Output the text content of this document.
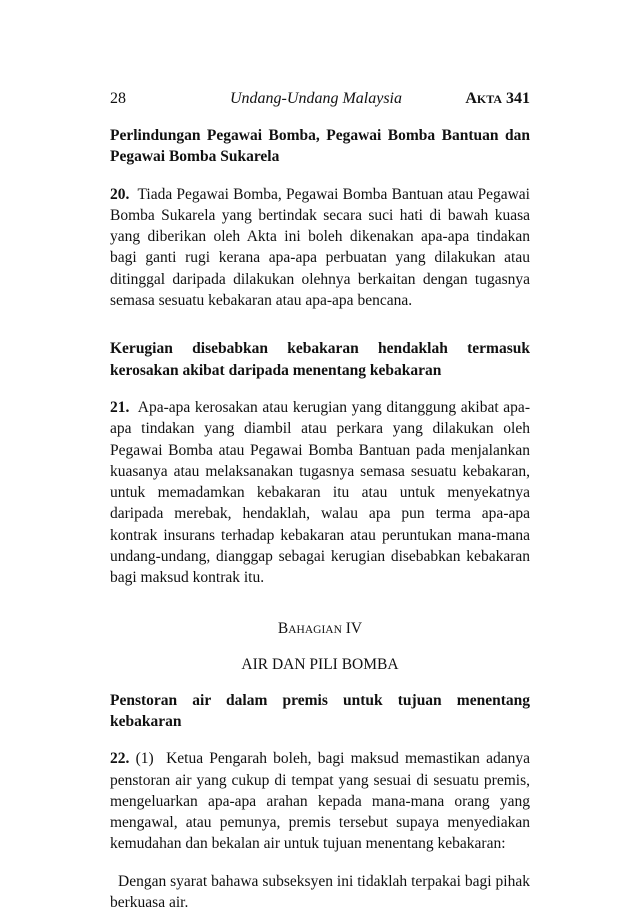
28	Undang-Undang Malaysia	AKTA 341

Perlindungan Pegawai Bomba, Pegawai Bomba Bantuan dan Pegawai Bomba Sukarela

20. Tiada Pegawai Bomba, Pegawai Bomba Bantuan atau Pegawai Bomba Sukarela yang bertindak secara suci hati di bawah kuasa yang diberikan oleh Akta ini boleh dikenakan apa-apa tindakan bagi ganti rugi kerana apa-apa perbuatan yang dilakukan atau ditinggal daripada dilakukan olehnya berkaitan dengan tugasnya semasa sesuatu kebakaran atau apa-apa bencana.

Kerugian disebabkan kebakaran hendaklah termasuk kerosakan akibat daripada menentang kebakaran

21. Apa-apa kerosakan atau kerugian yang ditanggung akibat apa-apa tindakan yang diambil atau perkara yang dilakukan oleh Pegawai Bomba atau Pegawai Bomba Bantuan pada menjalankan kuasanya atau melaksanakan tugasnya semasa sesuatu kebakaran, untuk memadamkan kebakaran itu atau untuk menyekatnya daripada merebak, hendaklah, walau apa pun terma apa-apa kontrak insurans terhadap kebakaran atau peruntukan mana-mana undang-undang, dianggap sebagai kerugian disebabkan kebakaran bagi maksud kontrak itu.

BAHAGIAN IV

AIR DAN PILI BOMBA

Penstoran air dalam premis untuk tujuan menentang kebakaran

22. (1) Ketua Pengarah boleh, bagi maksud memastikan adanya penstoran air yang cukup di tempat yang sesuai di sesuatu premis, mengeluarkan apa-apa arahan kepada mana-mana orang yang mengawal, atau pemunya, premis tersebut supaya menyediakan kemudahan dan bekalan air untuk tujuan menentang kebakaran:

Dengan syarat bahawa subseksyen ini tidaklah terpakai bagi pihak berkuasa air.
